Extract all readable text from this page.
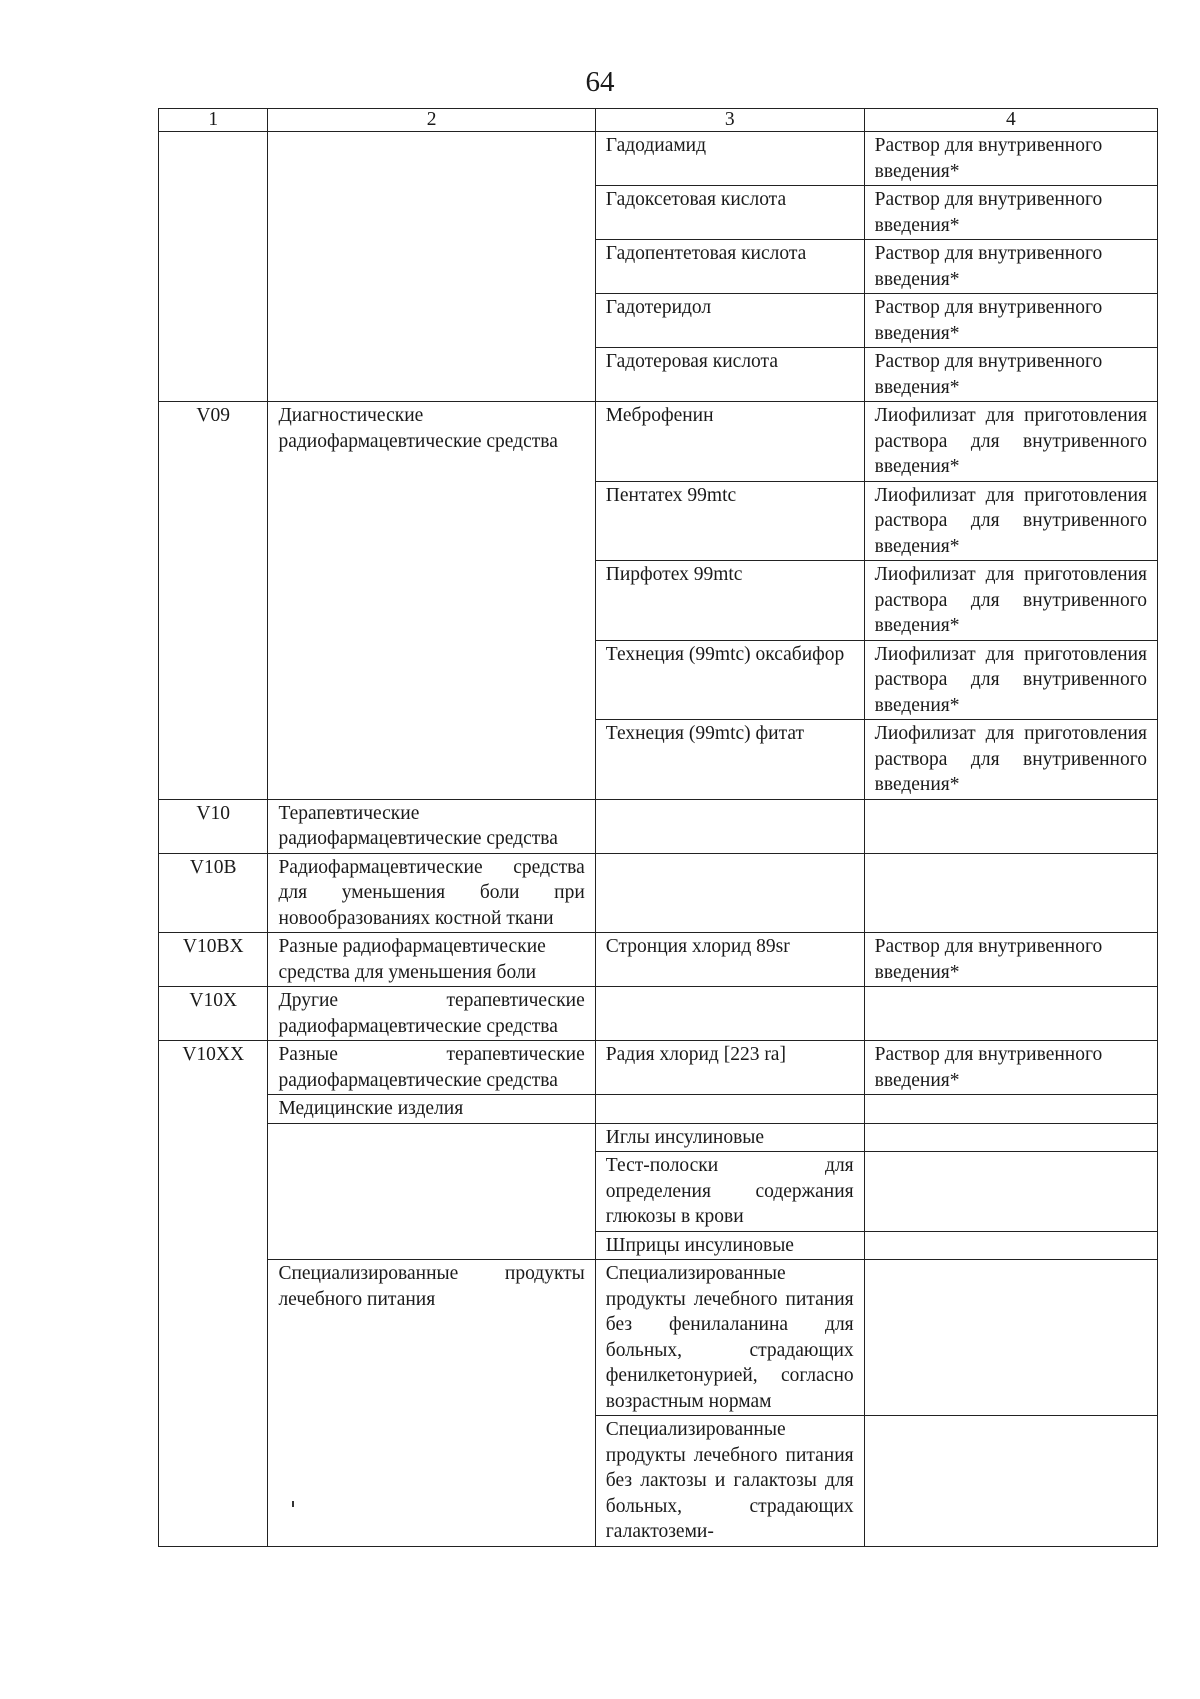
64
1	2	3	4
		Гадодиамид	Раствор для внутривенного введения*
		Гадоксетовая кислота	Раствор для внутривенного введения*
		Гадопентетовая кислота	Раствор для внутривенного введения*
		Гадотеридол	Раствор для внутривенного введения*
		Гадотеровая кислота	Раствор для внутривенного введения*
V09	Диагностические радиофармацевтические средства	Меброфенин	Лиофилизат для приготовления раствора для внутривенного введения*
		Пентатех 99mtc	Лиофилизат для приготовления раствора для внутривенного введения*
		Пирфотех 99mtc	Лиофилизат для приготовления раствора для внутривенного введения*
		Технеция (99mtc) оксабифор	Лиофилизат для приготовления раствора для внутривенного введения*
		Технеция (99mtc) фитат	Лиофилизат для приготовления раствора для внутривенного введения*
V10	Терапевтические радиофармацевтические средства		
V10B	Радиофармацевтические средства для уменьшения боли при новообразованиях костной ткани		
V10BX	Разные радиофармацевтические средства для уменьшения боли	Стронция хлорид 89sr	Раствор для внутривенного введения*
V10X	Другие терапевтические радиофармацевтические средства		
V10XX	Разные терапевтические радиофармацевтические средства	Радия хлорид [223 ra]	Раствор для внутривенного введения*
	Медицинские изделия		
		Иглы инсулиновые	
		Тест-полоски для определения содержания глюкозы в крови	
		Шприцы инсулиновые	
	Специализированные продукты лечебного питания	Специализированные продукты лечебного питания без фенилаланина для больных, страдающих фенилкетонурией, согласно возрастным нормам	
		Специализированные продукты лечебного питания без лактозы и галактозы для больных, страдающих галактоземи-	
